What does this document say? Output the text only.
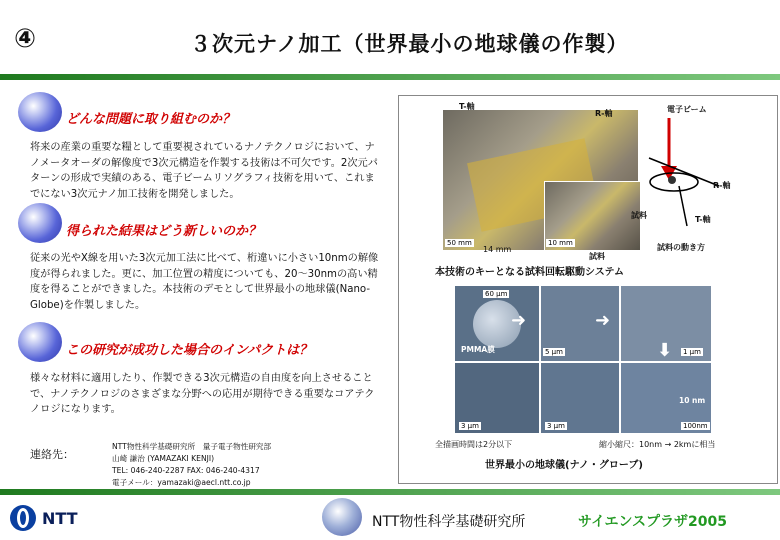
④	３次元ナノ加工（世界最小の地球儀の作製）
どんな問題に取り組むのか？
将来の産業の重要な糧として重要視されているナノテクノロジにおいて、ナノメータオーダの解像度で3次元構造を作製する技術は不可欠です。2次元パターンの形成で実績のある、電子ビームリソグラフィ技術を用いて、これまでにない3次元ナノ加工技術を開発しました。
得られた結果はどう新しいのか？
従来の光やX線を用いた3次元加工法に比べて、桁違いに小さい10nmの解像度が得られました。更に、加工位置の精度についても、20～30nmの高い精度を得ることができました。本技術のデモとして世界最小の地球儀(Nano-Globe)を作製しました。
この研究が成功した場合のインパクトは？
様々な材料に適用したり、作製できる3次元構造の自由度を向上させることで、ナノテクノロジのさまざまな分野への応用が期待できる重要なコアテクノロジになります。
連絡先：
NTT物性科学基礎研究所　量子電子物性研究部
山崎 謙治 (YAMAZAKI KENJI)
TEL: 046-240-2287 FAX: 046-240-4317
電子メール：yamazaki@aecl.ntt.co.jp
T-軸
R-軸
50 mm
14 mm
10 mm
試料
電子ビーム
R-軸
T-軸
試料
試料の動き方
本技術のキーとなる試料回転駆動システム
➜	➜
⬇
60 μm
PMMA膜	5 μm	1 μm
3 μm	3 μm
10 nm
100nm
全描画時間は2分以下	縮小縮尺：10nm → 2kmに相当
世界最小の地球儀(ナノ・グローブ)
NTT	NTT物性科学基礎研究所	サイエンスプラザ2005
